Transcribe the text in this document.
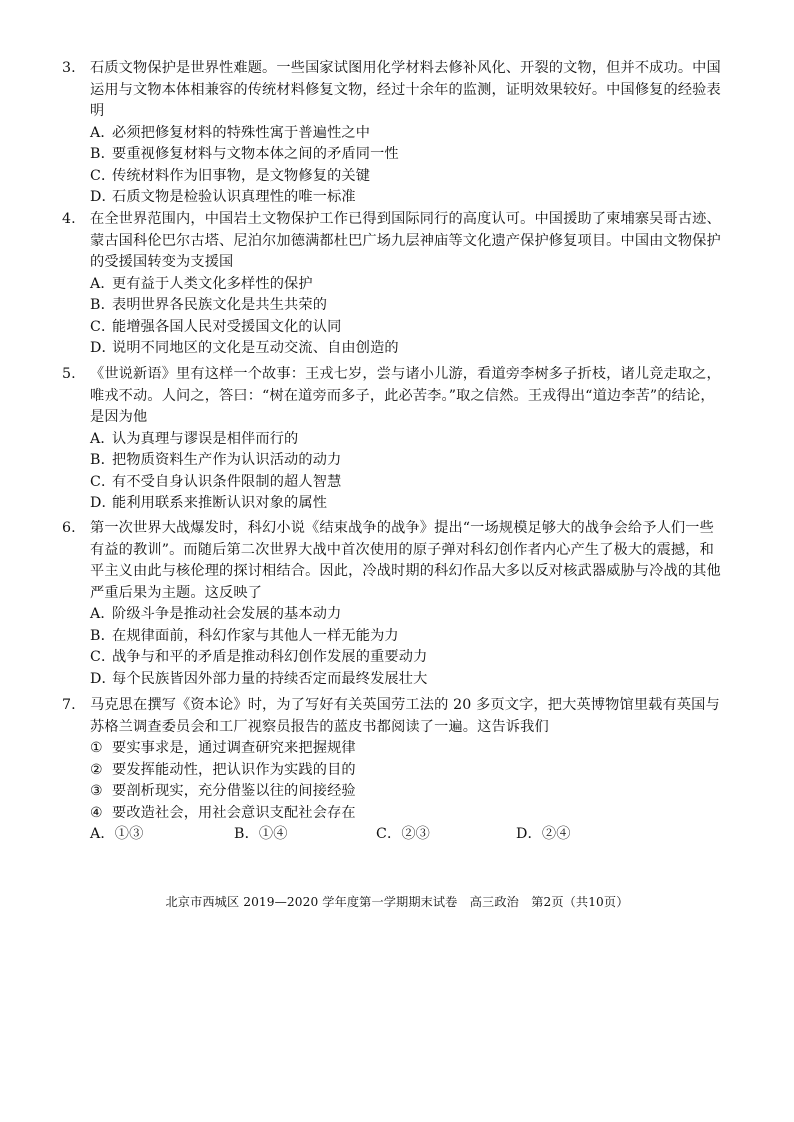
3. 石质文物保护是世界性难题。一些国家试图用化学材料去修补风化、开裂的文物，但并不成功。中国运用与文物本体相兼容的传统材料修复文物，经过十余年的监测，证明效果较好。中国修复的经验表明
A．必须把修复材料的特殊性寓于普遍性之中
B．要重视修复材料与文物本体之间的矛盾同一性
C．传统材料作为旧事物，是文物修复的关键
D．石质文物是检验认识真理性的唯一标准
4. 在全世界范围内，中国岩土文物保护工作已得到国际同行的高度认可。中国援助了柬埔寨吴哥古迹、蒙古国科伦巴尔古塔、尼泊尔加德满都杜巴广场九层神庙等文化遗产保护修复项目。中国由文物保护的受援国转变为支援国
A．更有益于人类文化多样性的保护
B．表明世界各民族文化是共生共荣的
C．能增强各国人民对受援国文化的认同
D．说明不同地区的文化是互动交流、自由创造的
5. 《世说新语》里有这样一个故事：王戎七岁，尝与诸小儿游，看道旁李树多子折枝，诸儿竞走取之，唯戎不动。人问之，答曰：“树在道旁而多子，此必苦李。”取之信然。王戎得出“道边李苦”的结论，是因为他
A．认为真理与谬误是相伴而行的
B．把物质资料生产作为认识活动的动力
C．有不受自身认识条件限制的超人智慧
D．能利用联系来推断认识对象的属性
6. 第一次世界大战爆发时，科幻小说《结束战争的战争》提出“一场规模足够大的战争会给予人们一些有益的教训”。而随后第二次世界大战中首次使用的原子弹对科幻创作者内心产生了极大的震撼，和平主义由此与核伦理的探讨相结合。因此，冷战时期的科幻作品大多以反对核武器威胁与冷战的其他严重后果为主题。这反映了
A．阶级斗争是推动社会发展的基本动力
B．在规律面前，科幻作家与其他人一样无能为力
C．战争与和平的矛盾是推动科幻创作发展的重要动力
D．每个民族皆因外部力量的持续否定而最终发展壮大
7. 马克思在撰写《资本论》时，为了写好有关英国劳工法的 20 多页文字，把大英博物馆里载有英国与苏格兰调查委员会和工厂视察员报告的蓝皮书都阅读了一遍。这告诉我们
① 要实事求是，通过调查研究来把握规律
② 要发挥能动性，把认识作为实践的目的
③ 要剖析现实，充分借鉴以往的间接经验
④ 要改造社会，用社会意识支配社会存在
A．①③	B．①④	C．②③	D．②④
北京市西城区 2019—2020 学年度第一学期期末试卷　高三政治　第2页（共10页）
